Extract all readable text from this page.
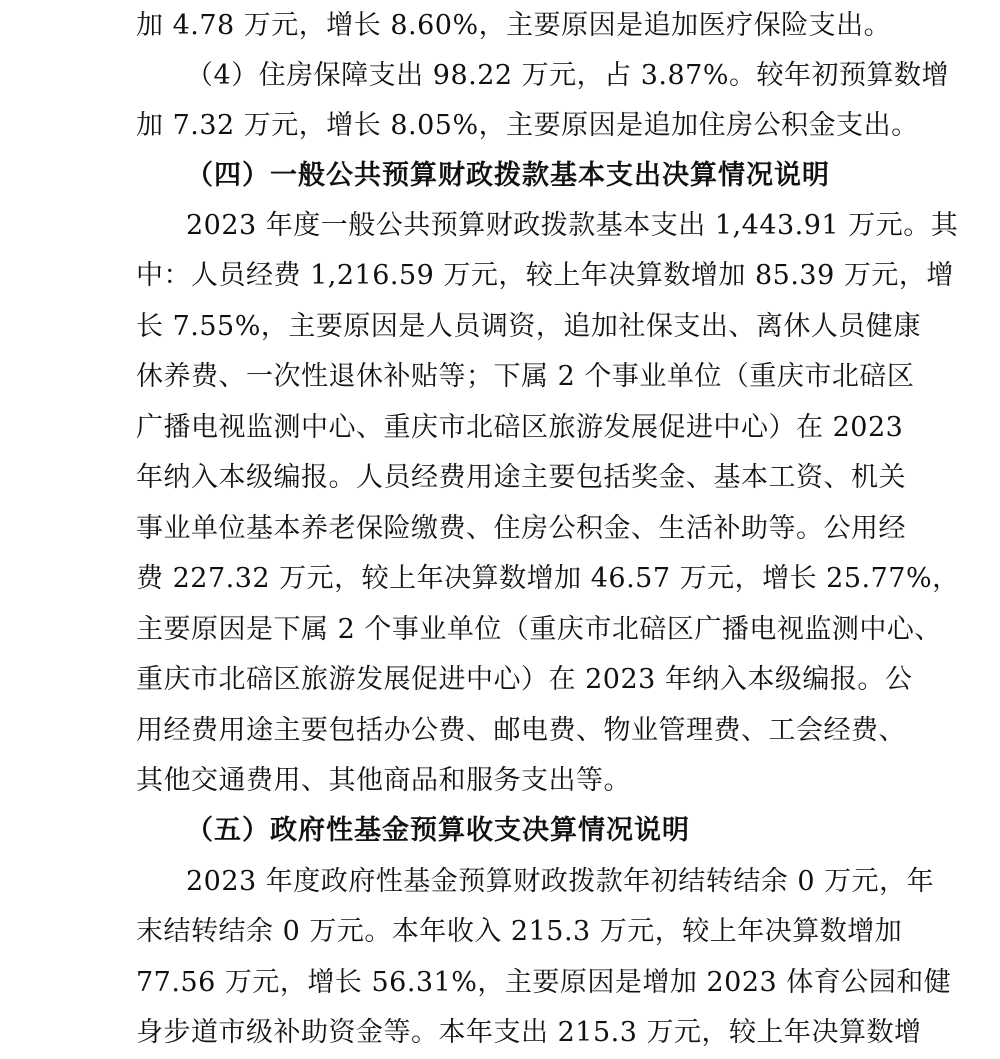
加 4.78 万元，增长 8.60%，主要原因是追加医疗保险支出。
（4）住房保障支出 98.22 万元，占 3.87%。较年初预算数增
加 7.32 万元，增长 8.05%，主要原因是追加住房公积金支出。
（四）一般公共预算财政拨款基本支出决算情况说明
2023 年度一般公共预算财政拨款基本支出 1,443.91 万元。其
中：人员经费 1,216.59 万元，较上年决算数增加 85.39 万元，增
长 7.55%，主要原因是人员调资，追加社保支出、离休人员健康
休养费、一次性退休补贴等；下属 2 个事业单位（重庆市北碚区
广播电视监测中心、重庆市北碚区旅游发展促进中心）在 2023
年纳入本级编报。人员经费用途主要包括奖金、基本工资、机关
事业单位基本养老保险缴费、住房公积金、生活补助等。公用经
费 227.32 万元，较上年决算数增加 46.57 万元，增长 25.77%，
主要原因是下属 2 个事业单位（重庆市北碚区广播电视监测中心、
重庆市北碚区旅游发展促进中心）在 2023 年纳入本级编报。公
用经费用途主要包括办公费、邮电费、物业管理费、工会经费、
其他交通费用、其他商品和服务支出等。
（五）政府性基金预算收支决算情况说明
2023 年度政府性基金预算财政拨款年初结转结余 0 万元，年
末结转结余 0 万元。本年收入 215.3 万元，较上年决算数增加
77.56 万元，增长 56.31%，主要原因是增加 2023 体育公园和健
身步道市级补助资金等。本年支出 215.3 万元，较上年决算数增
